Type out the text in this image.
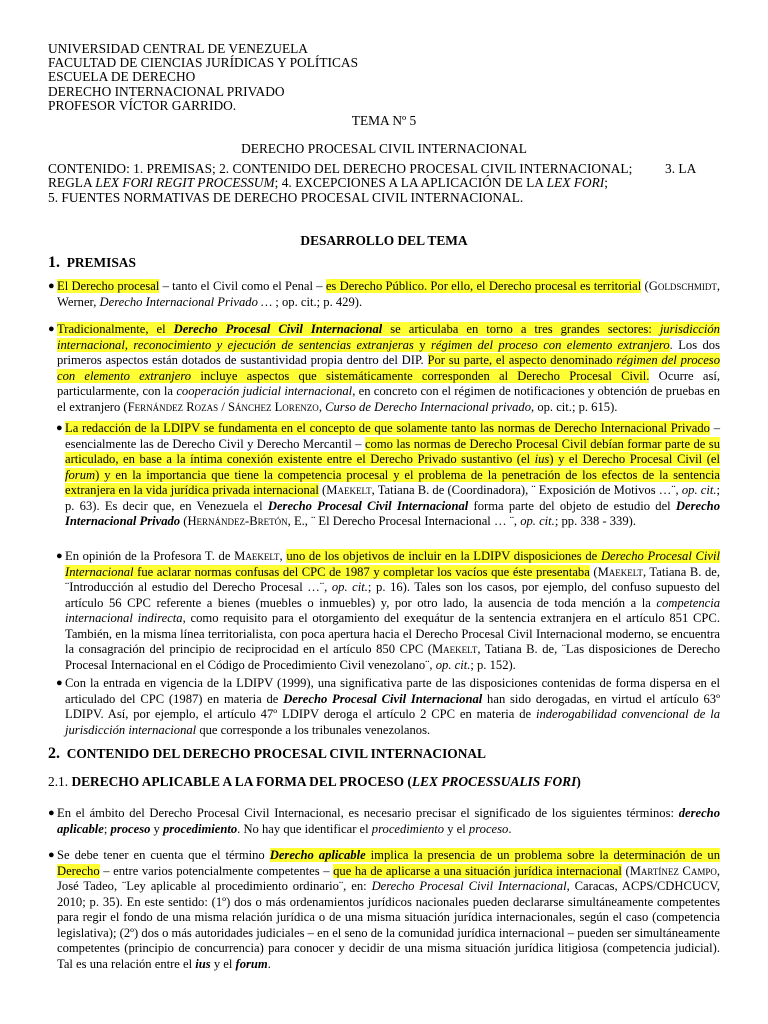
UNIVERSIDAD CENTRAL DE VENEZUELA
FACULTAD DE CIENCIAS JURÍDICAS Y POLÍTICAS
ESCUELA DE DERECHO
DERECHO INTERNACIONAL PRIVADO
PROFESOR VÍCTOR GARRIDO.
TEMA Nº 5
DERECHO PROCESAL CIVIL INTERNACIONAL
CONTENIDO: 1. PREMISAS; 2. CONTENIDO DEL DERECHO PROCESAL CIVIL INTERNACIONAL; 3. LA
REGLA LEX FORI REGIT PROCESSUM; 4. EXCEPCIONES A LA APLICACIÓN DE LA LEX FORI;
5. FUENTES NORMATIVAS DE DERECHO PROCESAL CIVIL INTERNACIONAL.
DESARROLLO DEL TEMA
1. PREMISAS
● El Derecho procesal – tanto el Civil como el Penal – es Derecho Público. Por ello, el Derecho procesal es territorial (Goldschmidt, Werner, Derecho Internacional Privado … ; op. cit.; p. 429).
● Tradicionalmente, el Derecho Procesal Civil Internacional se articulaba en torno a tres grandes sectores: jurisdicción internacional, reconocimiento y ejecución de sentencias extranjeras y régimen del proceso con elemento extranjero. Los dos primeros aspectos están dotados de sustantividad propia dentro del DIP. Por su parte, el aspecto denominado régimen del proceso con elemento extranjero incluye aspectos que sistemáticamente corresponden al Derecho Procesal Civil. Ocurre así, particularmente, con la cooperación judicial internacional, en concreto con el régimen de notificaciones y obtención de pruebas en el extranjero (Fernández Rozas / Sánchez Lorenzo, Curso de Derecho Internacional privado, op. cit.; p. 615).
● La redacción de la LDIPV se fundamenta en el concepto de que solamente tanto las normas de Derecho Internacional Privado – esencialmente las de Derecho Civil y Derecho Mercantil – como las normas de Derecho Procesal Civil debían formar parte de su articulado, en base a la íntima conexión existente entre el Derecho Privado sustantivo (el ius) y el Derecho Procesal Civil (el forum) y en la importancia que tiene la competencia procesal y el problema de la penetración de los efectos de la sentencia extranjera en la vida jurídica privada internacional (Maekelt, Tatiana B. de (Coordinadora), ¨ Exposición de Motivos …¨, op. cit.; p. 63). Es decir que, en Venezuela el Derecho Procesal Civil Internacional forma parte del objeto de estudio del Derecho Internacional Privado (Hernández-Bretón, E., ¨ El Derecho Procesal Internacional … ¨, op. cit.; pp. 338 - 339).
● En opinión de la Profesora T. de Maekelt, uno de los objetivos de incluir en la LDIPV disposiciones de Derecho Procesal Civil Internacional fue aclarar normas confusas del CPC de 1987 y completar los vacíos que éste presentaba (Maekelt, Tatiana B. de, ¨Introducción al estudio del Derecho Procesal …¨, op. cit.; p. 16). Tales son los casos, por ejemplo, del confuso supuesto del artículo 56 CPC referente a bienes (muebles o inmuebles) y, por otro lado, la ausencia de toda mención a la competencia internacional indirecta, como requisito para el otorgamiento del exequátur de la sentencia extranjera en el artículo 851 CPC. También, en la misma línea territorialista, con poca apertura hacia el Derecho Procesal Civil Internacional moderno, se encuentra la consagración del principio de reciprocidad en el artículo 850 CPC (Maekelt, Tatiana B. de, ¨Las disposiciones de Derecho Procesal Internacional en el Código de Procedimiento Civil venezolano¨, op. cit.; p. 152).
● Con la entrada en vigencia de la LDIPV (1999), una significativa parte de las disposiciones contenidas de forma dispersa en el articulado del CPC (1987) en materia de Derecho Procesal Civil Internacional han sido derogadas, en virtud el artículo 63º LDIPV. Así, por ejemplo, el artículo 47º LDIPV deroga el artículo 2 CPC en materia de inderogabilidad convencional de la jurisdicción internacional que corresponde a los tribunales venezolanos.
2. CONTENIDO DEL DERECHO PROCESAL CIVIL INTERNACIONAL
2.1. DERECHO APLICABLE A LA FORMA DEL PROCESO (LEX PROCESSUALIS FORI)
● En el ámbito del Derecho Procesal Civil Internacional, es necesario precisar el significado de los siguientes términos: derecho aplicable; proceso y procedimiento. No hay que identificar el procedimiento y el proceso.
● Se debe tener en cuenta que el término Derecho aplicable implica la presencia de un problema sobre la determinación de un Derecho – entre varios potencialmente competentes – que ha de aplicarse a una situación jurídica internacional (Martínez Campo, José Tadeo, ¨Ley aplicable al procedimiento ordinario¨, en: Derecho Procesal Civil Internacional, Caracas, ACPS/CDHCUCV, 2010; p. 35). En este sentido: (1º) dos o más ordenamientos jurídicos nacionales pueden declararse simultáneamente competentes para regir el fondo de una misma relación jurídica o de una misma situación jurídica internacionales, según el caso (competencia legislativa); (2º) dos o más autoridades judiciales – en el seno de la comunidad jurídica internacional – pueden ser simultáneamente competentes (principio de concurrencia) para conocer y decidir de una misma situación jurídica litigiosa (competencia judicial). Tal es una relación entre el ius y el forum.
